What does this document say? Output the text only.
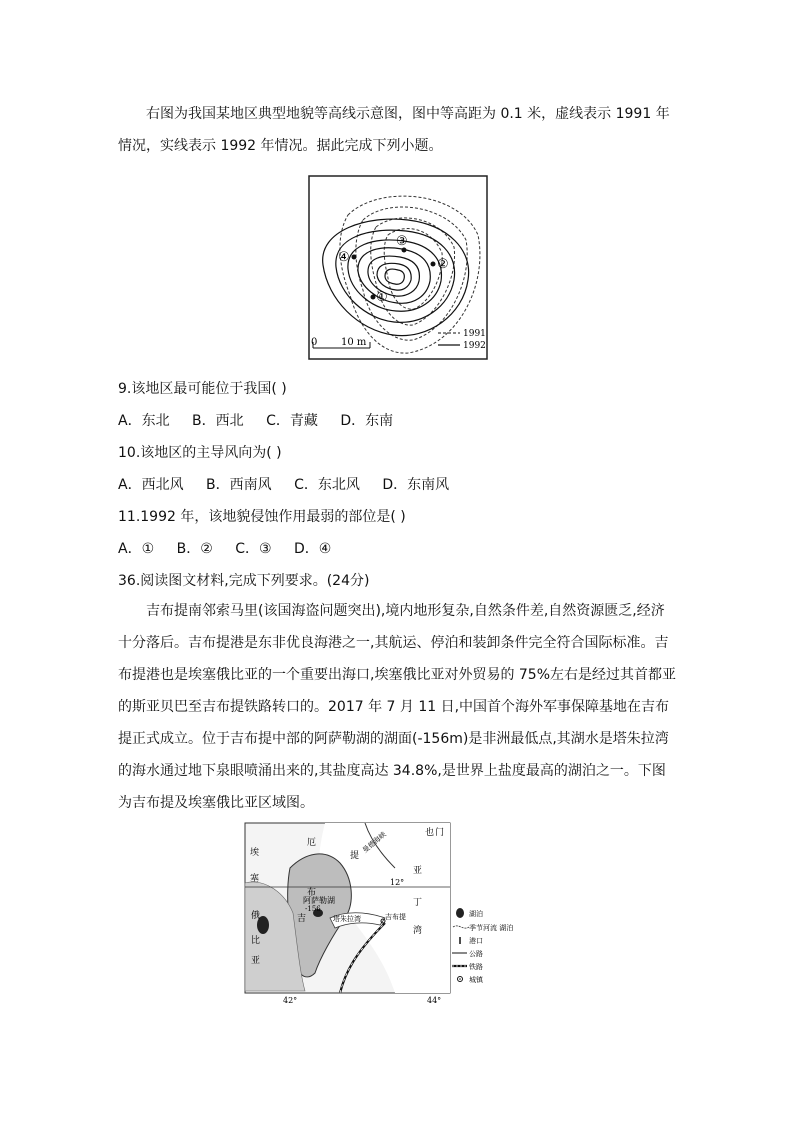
右图为我国某地区典型地貌等高线示意图，图中等高距为 0.1 米，虚线表示 1991 年情况，实线表示 1992 年情况。据此完成下列小题。
④
③
②
①
0 10 m
1991
1992
9.该地区最可能位于我国( )
A．东北 B．西北 C．青藏 D．东南
10.该地区的主导风向为( )
A．西北风 B．西南风 C．东北风 D．东南风
11.1992 年，该地貌侵蚀作用最弱的部位是( )
A．① B．② C．③ D．④
36.阅读图文材料,完成下列要求。(24分)
吉布提南邻索马里(该国海盗问题突出),境内地形复杂,自然条件差,自然资源匮乏,经济十分落后。吉布提港是东非优良海港之一,其航运、停泊和装卸条件完全符合国际标准。吉布提港也是埃塞俄比亚的一个重要出海口,埃塞俄比亚对外贸易的 75%左右是经过其首都亚的斯亚贝巴至吉布提铁路转口的。2017 年 7 月 11 日,中国首个海外军事保障基地在吉布提正式成立。位于吉布提中部的阿萨勒湖的湖面(-156m)是非洲最低点,其湖水是塔朱拉湾的海水通过地下泉眼喷涌出来的,其盐度高达 34.8%,是世界上盐度最高的湖泊之一。下图为吉布提及埃塞俄比亚区域图。
12°
42°	44°
埃
塞
俄
比
亚
厄	曼德海峡	也 门
提
布
吉
阿萨勒湖
-156
塔朱拉湾	吉布提
亚
丁
湾
湖泊
季节河流 湖泊
港口
公路
铁路
城镇
